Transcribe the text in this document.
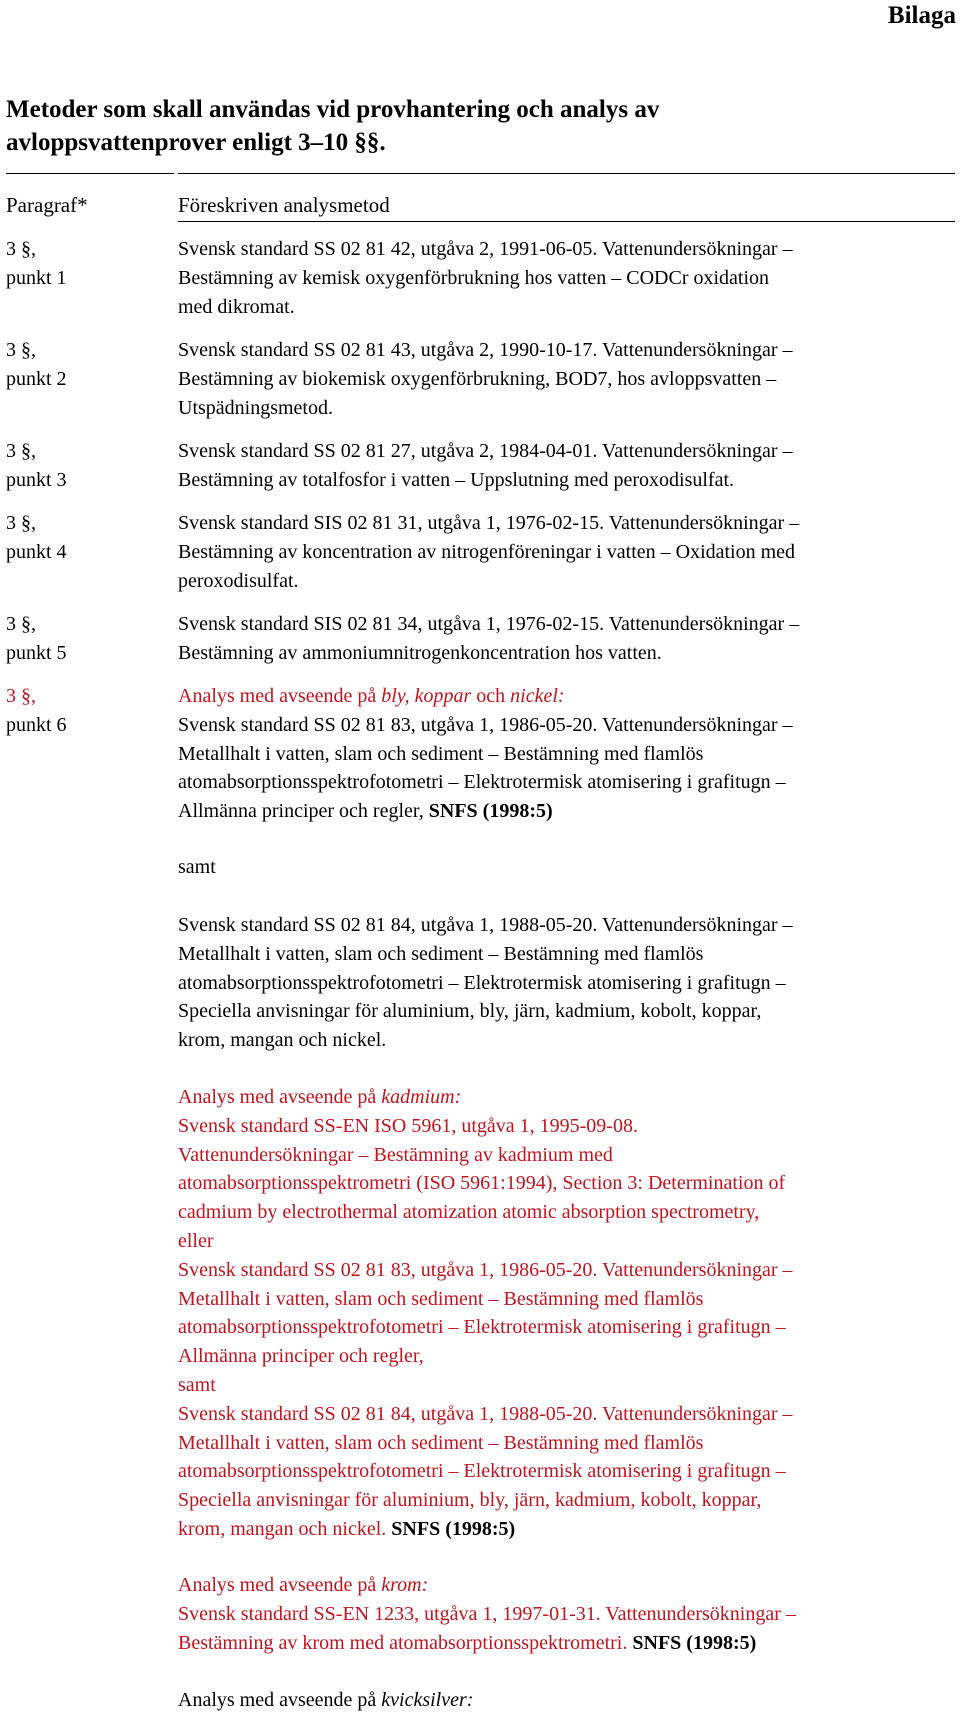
Bilaga
Metoder som skall användas vid provhantering och analys av
avloppsvattenprover enligt 3–10 §§.
Paragraf*	Föreskriven analysmetod
3 §,
punkt 1

Svensk standard SS 02 81 42, utgåva 2, 1991-06-05. Vattenundersökningar –

Bestämning av kemisk oxygenförbrukning hos vatten – CODCr oxidation

med dikromat.

3 §,
punkt 2

Svensk standard SS 02 81 43, utgåva 2, 1990-10-17. Vattenundersökningar –

Bestämning av biokemisk oxygenförbrukning, BOD7, hos avloppsvatten –

Utspädningsmetod.

3 §,
punkt 3

Svensk standard SS 02 81 27, utgåva 2, 1984-04-01. Vattenundersökningar –

Bestämning av totalfosfor i vatten – Uppslutning med peroxodisulfat.

3 §,
punkt 4

Svensk standard SIS 02 81 31, utgåva 1, 1976-02-15. Vattenundersökningar –

Bestämning av koncentration av nitrogenföreningar i vatten – Oxidation med

peroxodisulfat.

3 §,
punkt 5

Svensk standard SIS 02 81 34, utgåva 1, 1976-02-15. Vattenundersökningar –

Bestämning av ammoniumnitrogenkoncentration hos vatten.

3 §,
punkt 6

Analys med avseende på bly, koppar och nickel:

Svensk standard SS 02 81 83, utgåva 1, 1986-05-20. Vattenundersökningar –

Metallhalt i vatten, slam och sediment – Bestämning med flamlös

atomabsorptionsspektrofotometri – Elektrotermisk atomisering i grafitugn –

Allmänna principer och regler, SNFS (1998:5)

samt

Svensk standard SS 02 81 84, utgåva 1, 1988-05-20. Vattenundersökningar –

Metallhalt i vatten, slam och sediment – Bestämning med flamlös

atomabsorptionsspektrofotometri – Elektrotermisk atomisering i grafitugn –

Speciella anvisningar för aluminium, bly, järn, kadmium, kobolt, koppar,

krom, mangan och nickel.

Analys med avseende på kadmium:

Svensk standard SS-EN ISO 5961, utgåva 1, 1995-09-08.

Vattenundersökningar – Bestämning av kadmium med

atomabsorptionsspektrometri (ISO 5961:1994), Section 3: Determination of

cadmium by electrothermal atomization atomic absorption spectrometry,

eller

Svensk standard SS 02 81 83, utgåva 1, 1986-05-20. Vattenundersökningar –

Metallhalt i vatten, slam och sediment – Bestämning med flamlös

atomabsorptionsspektrofotometri – Elektrotermisk atomisering i grafitugn –

Allmänna principer och regler,

samt

Svensk standard SS 02 81 84, utgåva 1, 1988-05-20. Vattenundersökningar –

Metallhalt i vatten, slam och sediment – Bestämning med flamlös

atomabsorptionsspektrofotometri – Elektrotermisk atomisering i grafitugn –

Speciella anvisningar för aluminium, bly, järn, kadmium, kobolt, koppar,

krom, mangan och nickel. SNFS (1998:5)

Analys med avseende på krom:

Svensk standard SS-EN 1233, utgåva 1, 1997-01-31. Vattenundersökningar –

Bestämning av krom med atomabsorptionsspektrometri. SNFS (1998:5)

Analys med avseende på kvicksilver:
